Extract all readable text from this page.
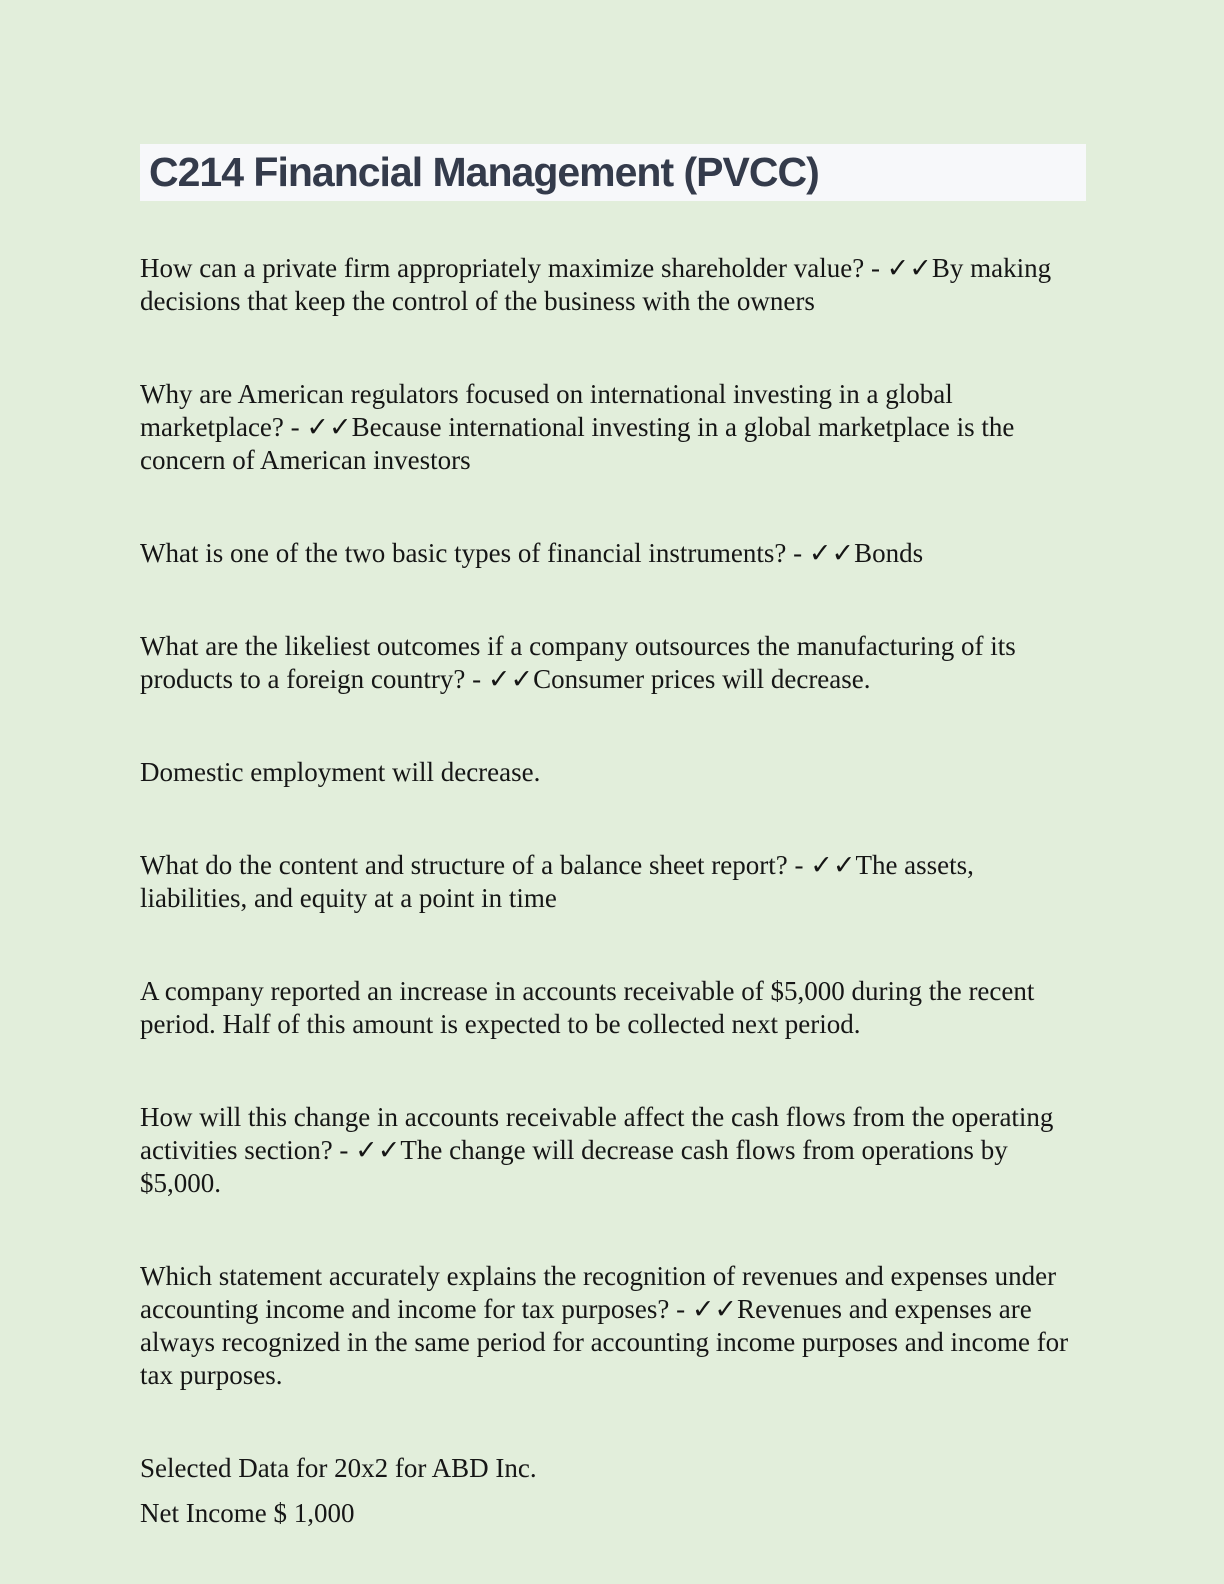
C214 Financial Management (PVCC)

How can a private firm appropriately maximize shareholder value? - ✓✓By making decisions that keep the control of the business with the owners

Why are American regulators focused on international investing in a global marketplace? - ✓✓Because international investing in a global marketplace is the concern of American investors

What is one of the two basic types of financial instruments? - ✓✓Bonds

What are the likeliest outcomes if a company outsources the manufacturing of its products to a foreign country? - ✓✓Consumer prices will decrease.

Domestic employment will decrease.

What do the content and structure of a balance sheet report? - ✓✓The assets, liabilities, and equity at a point in time

A company reported an increase in accounts receivable of $5,000 during the recent period. Half of this amount is expected to be collected next period.

How will this change in accounts receivable affect the cash flows from the operating activities section? - ✓✓The change will decrease cash flows from operations by $5,000.

Which statement accurately explains the recognition of revenues and expenses under accounting income and income for tax purposes? - ✓✓Revenues and expenses are always recognized in the same period for accounting income purposes and income for tax purposes.

Selected Data for 20x2 for ABD Inc.

Net Income $ 1,000
